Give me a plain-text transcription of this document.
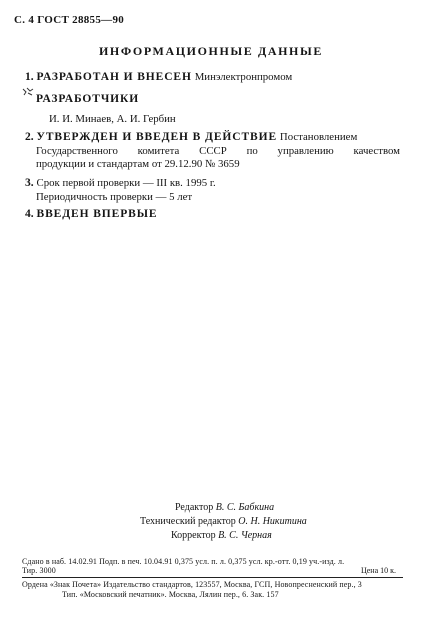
С. 4 ГОСТ 28855—90
ИНФОРМАЦИОННЫЕ ДАННЫЕ
1. РАЗРАБОТАН И ВНЕСЕН Минэлектронпромом
РАЗРАБОТЧИКИ
И. И. Минаев, А. И. Гербин
2. УТВЕРЖДЕН И ВВЕДЕН В ДЕЙСТВИЕ Постановлением
Государственного комитета СССР по управлению качеством
продукции и стандартам от 29.12.90 № 3659
3. Срок первой проверки — III кв. 1995 г.
Периодичность проверки — 5 лет
4. ВВЕДЕН ВПЕРВЫЕ
Редактор В. С. Бабкина
Технический редактор О. Н. Никитина
Корректор В. С. Черная
Сдано в наб. 14.02.91 Подп. в печ. 10.04.91 0,375 усл. п. л. 0,375 усл. кр.-отт. 0,19 уч.-изд. л.
Тир. 3000	Цена 10 к.
Ордена «Знак Почета» Издательство стандартов, 123557, Москва, ГСП, Новопресненский пер., 3
Тип. «Московский печатник». Москва, Лялин пер., 6. Зак. 157
